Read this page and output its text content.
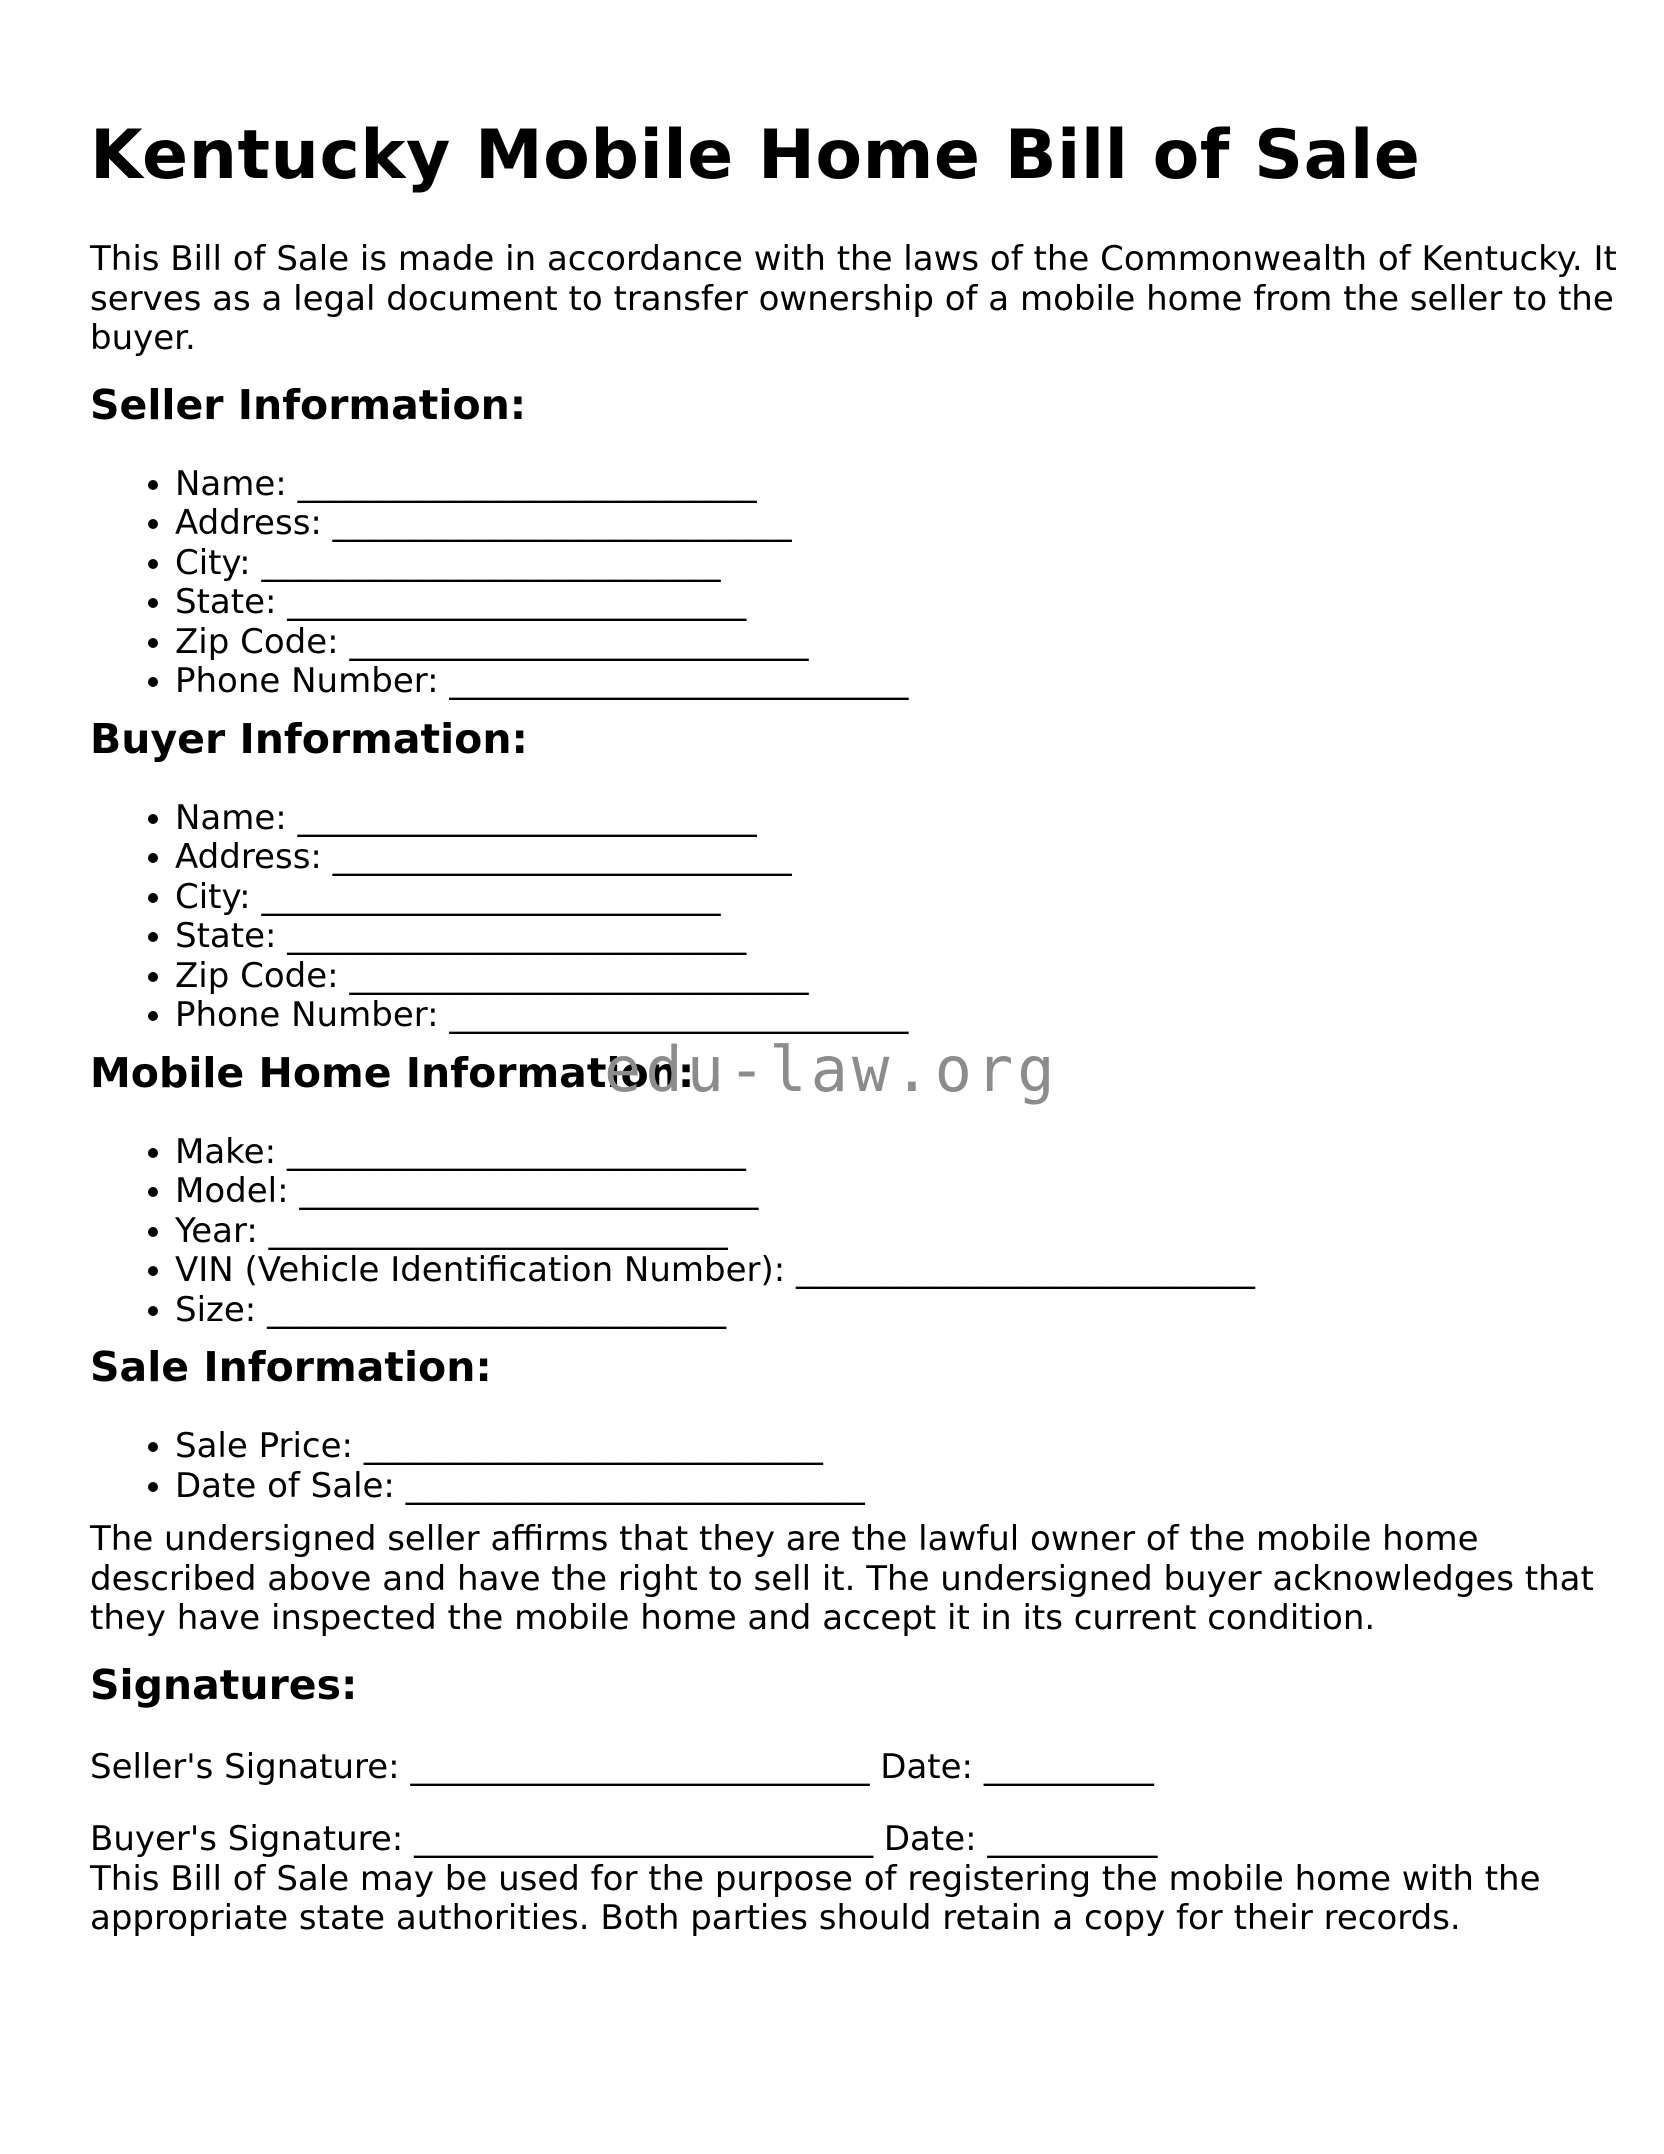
Kentucky Mobile Home Bill of Sale

This Bill of Sale is made in accordance with the laws of the Commonwealth of Kentucky. It
serves as a legal document to transfer ownership of a mobile home from the seller to the
buyer.

Seller Information:
• Name: ___________________________
• Address: ___________________________
• City: ___________________________
• State: ___________________________
• Zip Code: ___________________________
• Phone Number: ___________________________
Buyer Information:
• Name: ___________________________
• Address: ___________________________
• City: ___________________________
• State: ___________________________
• Zip Code: ___________________________
• Phone Number: ___________________________
Mobile Home Information:
edu-law.org
• Make: ___________________________
• Model: ___________________________
• Year: ___________________________
• VIN (Vehicle Identification Number): ___________________________
• Size: ___________________________
Sale Information:
• Sale Price: ___________________________
• Date of Sale: ___________________________

The undersigned seller affirms that they are the lawful owner of the mobile home
described above and have the right to sell it. The undersigned buyer acknowledges that
they have inspected the mobile home and accept it in its current condition.

Signatures:

Seller's Signature: ___________________________ Date: __________

Buyer's Signature: ___________________________ Date: __________

This Bill of Sale may be used for the purpose of registering the mobile home with the
appropriate state authorities. Both parties should retain a copy for their records.
